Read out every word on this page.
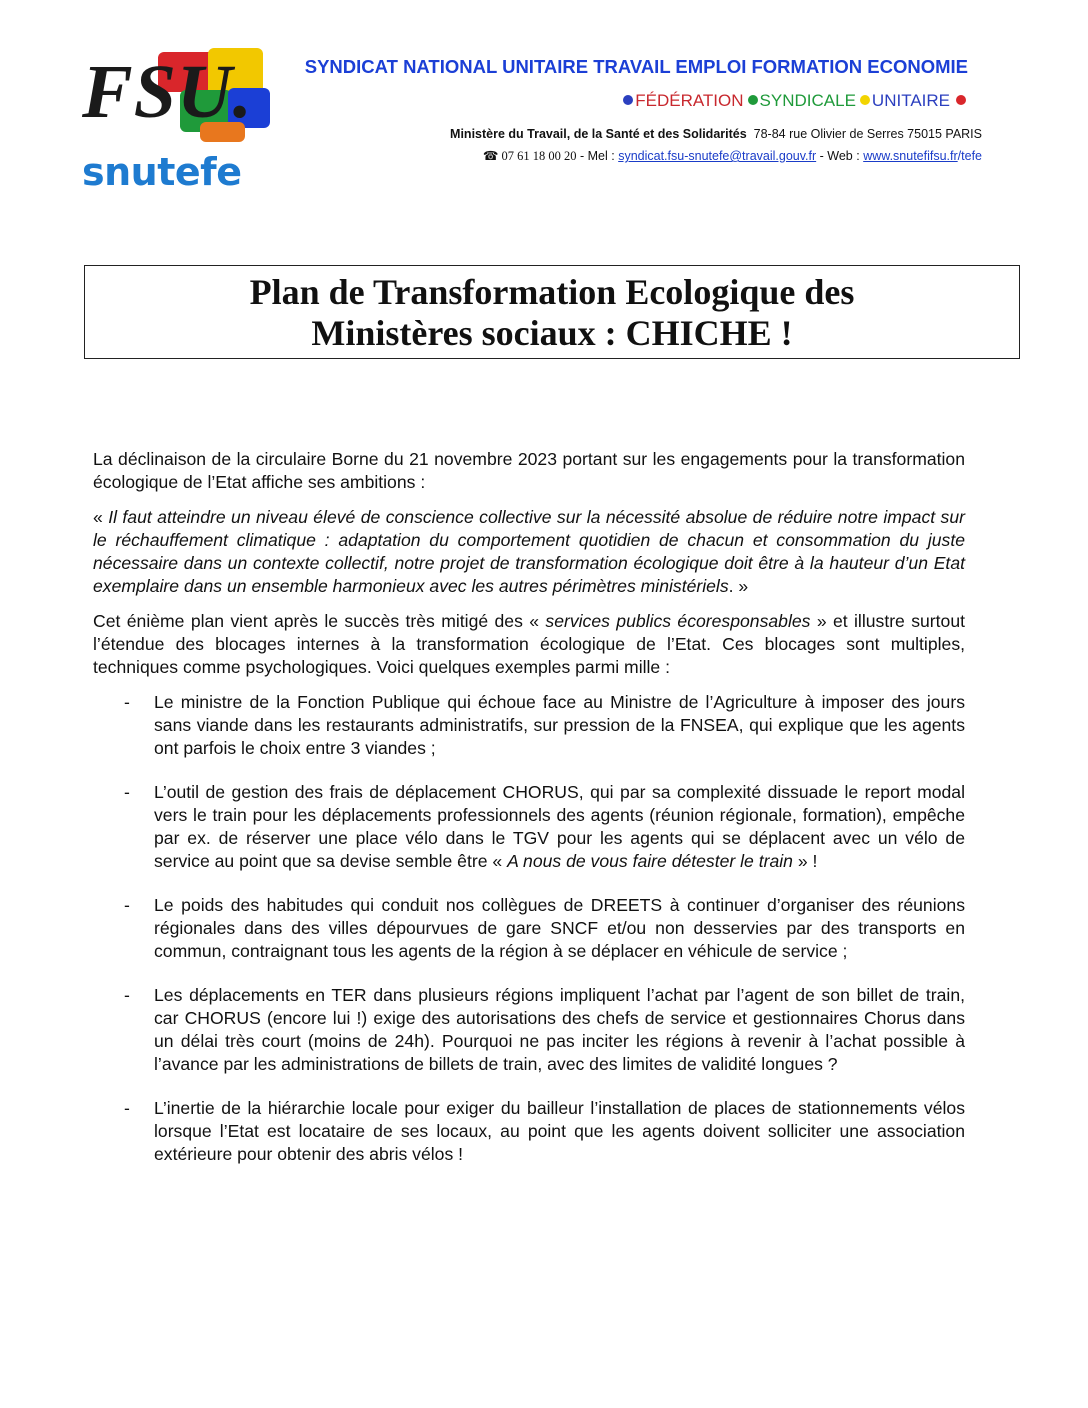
FSU.
snutefe
SYNDICAT NATIONAL UNITAIRE TRAVAIL EMPLOI FORMATION ECONOMIE
FÉDÉRATION SYNDICALE UNITAIRE
Ministère du Travail, de la Santé et des Solidarités 78-84 rue Olivier de Serres 75015 PARIS
☎ 07 61 18 00 20 - Mel : syndicat.fsu-snutefe@travail.gouv.fr - Web : www.snutefifsu.fr/tefe
Plan de Transformation Ecologique des
Ministères sociaux : CHICHE !

La déclinaison de la circulaire Borne du 21 novembre 2023 portant sur les engagements pour la transformation écologique de l’Etat affiche ses ambitions :

« Il faut atteindre un niveau élevé de conscience collective sur la nécessité absolue de réduire notre impact sur le réchauffement climatique : adaptation du comportement quotidien de chacun et consommation du juste nécessaire dans un contexte collectif, notre projet de transformation écologique doit être à la hauteur d’un Etat exemplaire dans un ensemble harmonieux avec les autres périmètres ministériels. »

Cet énième plan vient après le succès très mitigé des « services publics écoresponsables » et illustre surtout l’étendue des blocages internes à la transformation écologique de l’Etat. Ces blocages sont multiples, techniques comme psychologiques. Voici quelques exemples parmi mille :

- Le ministre de la Fonction Publique qui échoue face au Ministre de l’Agriculture à imposer des jours sans viande dans les restaurants administratifs, sur pression de la FNSEA, qui explique que les agents ont parfois le choix entre 3 viandes ;
- L’outil de gestion des frais de déplacement CHORUS, qui par sa complexité dissuade le report modal vers le train pour les déplacements professionnels des agents (réunion régionale, formation), empêche par ex. de réserver une place vélo dans le TGV pour les agents qui se déplacent avec un vélo de service au point que sa devise semble être « A nous de vous faire détester le train » !
- Le poids des habitudes qui conduit nos collègues de DREETS à continuer d’organiser des réunions régionales dans des villes dépourvues de gare SNCF et/ou non desservies par des transports en commun, contraignant tous les agents de la région à se déplacer en véhicule de service ;
- Les déplacements en TER dans plusieurs régions impliquent l’achat par l’agent de son billet de train, car CHORUS (encore lui !) exige des autorisations des chefs de service et gestionnaires Chorus dans un délai très court (moins de 24h). Pourquoi ne pas inciter les régions à revenir à l’achat possible à l’avance par les administrations de billets de train, avec des limites de validité longues ?
- L’inertie de la hiérarchie locale pour exiger du bailleur l’installation de places de stationnements vélos lorsque l’Etat est locataire de ses locaux, au point que les agents doivent solliciter une association extérieure pour obtenir des abris vélos !
